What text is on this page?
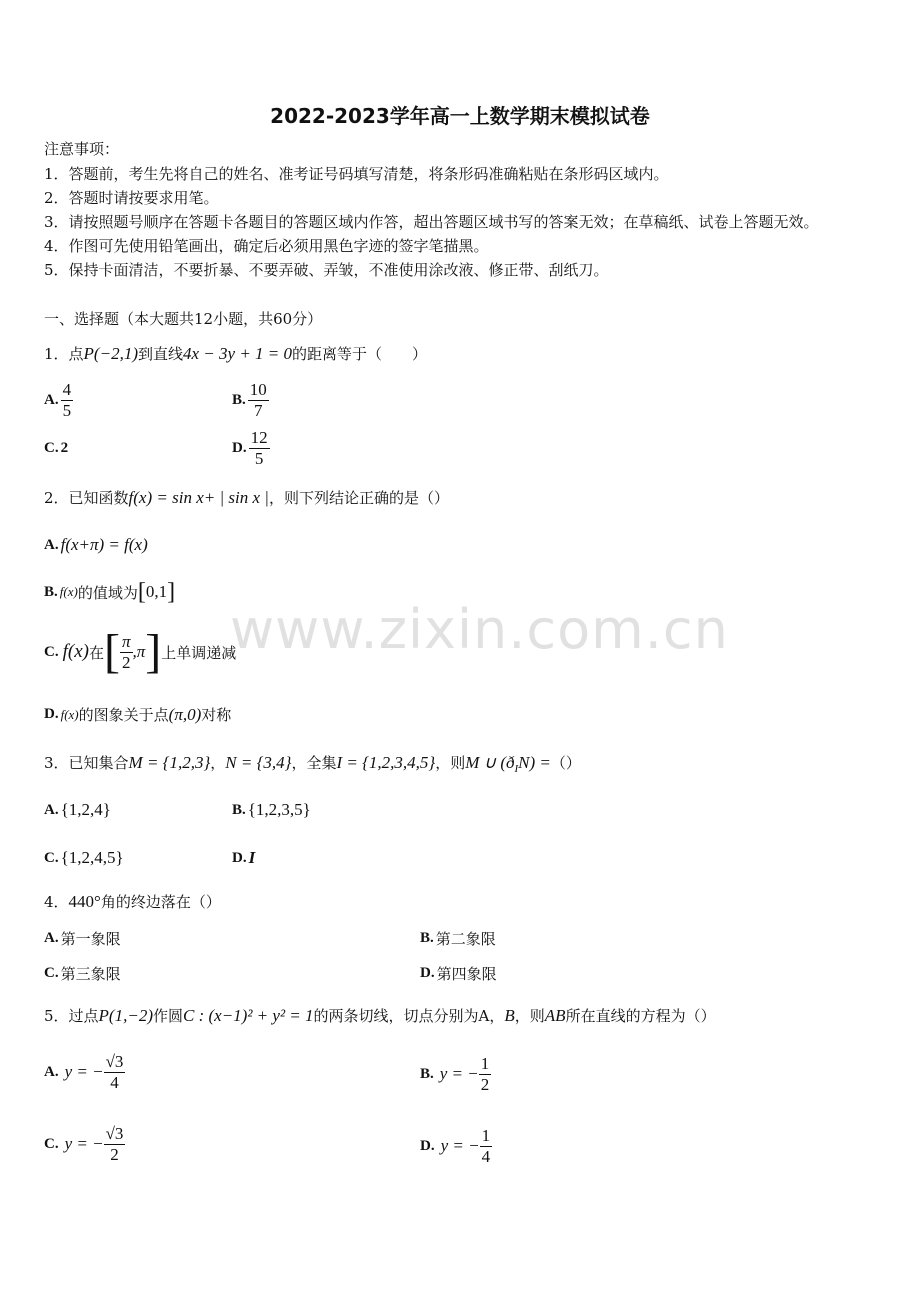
2022-2023学年高一上数学期末模拟试卷
注意事项：
1．答题前，考生先将自己的姓名、准考证号码填写清楚，将条形码准确粘贴在条形码区域内。
2．答题时请按要求用笔。
3．请按照题号顺序在答题卡各题目的答题区域内作答，超出答题区域书写的答案无效；在草稿纸、试卷上答题无效。
4．作图可先使用铅笔画出，确定后必须用黑色字迹的签字笔描黑。
5．保持卡面清洁，不要折暴、不要弄破、弄皱，不准使用涂改液、修正带、刮纸刀。
一、选择题（本大题共12小题，共60分）
1．点P(−2,1)到直线4x − 3y + 1 = 0的距离等于（　　）
A. $\frac{4}{5}$	B. $\frac{10}{7}$
C. 2	D. $\frac{12}{5}$
2．已知函数f(x) = sin x+ | sin x |，则下列结论正确的是（）
A. f(x+π) = f(x)
B. f(x) 的值域为 [ 0,1 ]
C. f(x) 在 [ $\frac{\pi}{2} ,\pi$ ] 上单调递减
D. f(x) 的图象关于点 (π,0) 对称
www.zixin.com.cn
3．已知集合M = {1,2,3}，N = {3,4}，全集I = {1,2,3,4,5}，则M ∪ $(ð_IN)$ =（）
A. {1,2,4}	B. {1,2,3,5}
C. {1,2,4,5}	D. I
4．440°角的终边落在（）
A. 第一象限	B. 第二象限
C. 第三象限	D. 第四象限
5．过点P(1,−2)作圆C : (x−1)² + y² = 1的两条切线，切点分别为A，B，则AB所在直线的方程为（）
A. y = − $\frac{√3}{4}$	B. y = − $\frac{1}{2}$
C. y = − $\frac{√3}{2}$	D. y = − $\frac{1}{4}$
